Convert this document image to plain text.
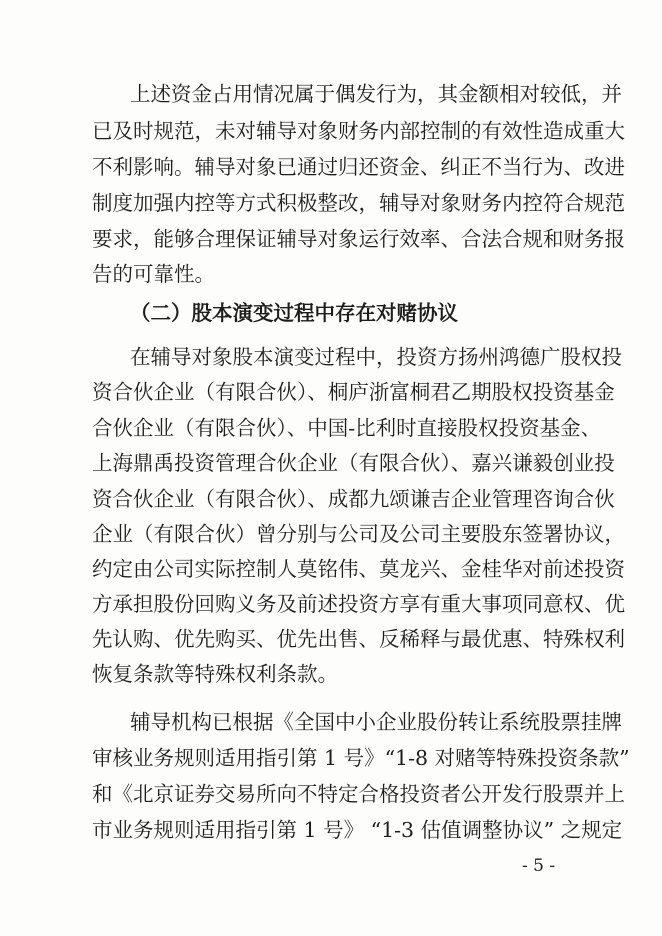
上述资金占用情况属于偶发行为，其金额相对较低，并
已及时规范，未对辅导对象财务内部控制的有效性造成重大
不利影响。辅导对象已通过归还资金、纠正不当行为、改进
制度加强内控等方式积极整改，辅导对象财务内控符合规范
要求，能够合理保证辅导对象运行效率、合法合规和财务报
告的可靠性。
（二）股本演变过程中存在对赌协议
在辅导对象股本演变过程中，投资方扬州鸿德广股权投
资合伙企业（有限合伙）、桐庐浙富桐君乙期股权投资基金
合伙企业（有限合伙）、中国-比利时直接股权投资基金、
上海鼎禹投资管理合伙企业（有限合伙）、嘉兴谦毅创业投
资合伙企业（有限合伙）、成都九颂谦吉企业管理咨询合伙
企业（有限合伙）曾分别与公司及公司主要股东签署协议，
约定由公司实际控制人莫铭伟、莫龙兴、金桂华对前述投资
方承担股份回购义务及前述投资方享有重大事项同意权、优
先认购、优先购买、优先出售、反稀释与最优惠、特殊权利
恢复条款等特殊权利条款。
辅导机构已根据《全国中小企业股份转让系统股票挂牌
审核业务规则适用指引第 1 号》“1-8 对赌等特殊投资条款”
和《北京证券交易所向不特定合格投资者公开发行股票并上
市业务规则适用指引第 1 号》 “1-3 估值调整协议” 之规定
- 5 -
